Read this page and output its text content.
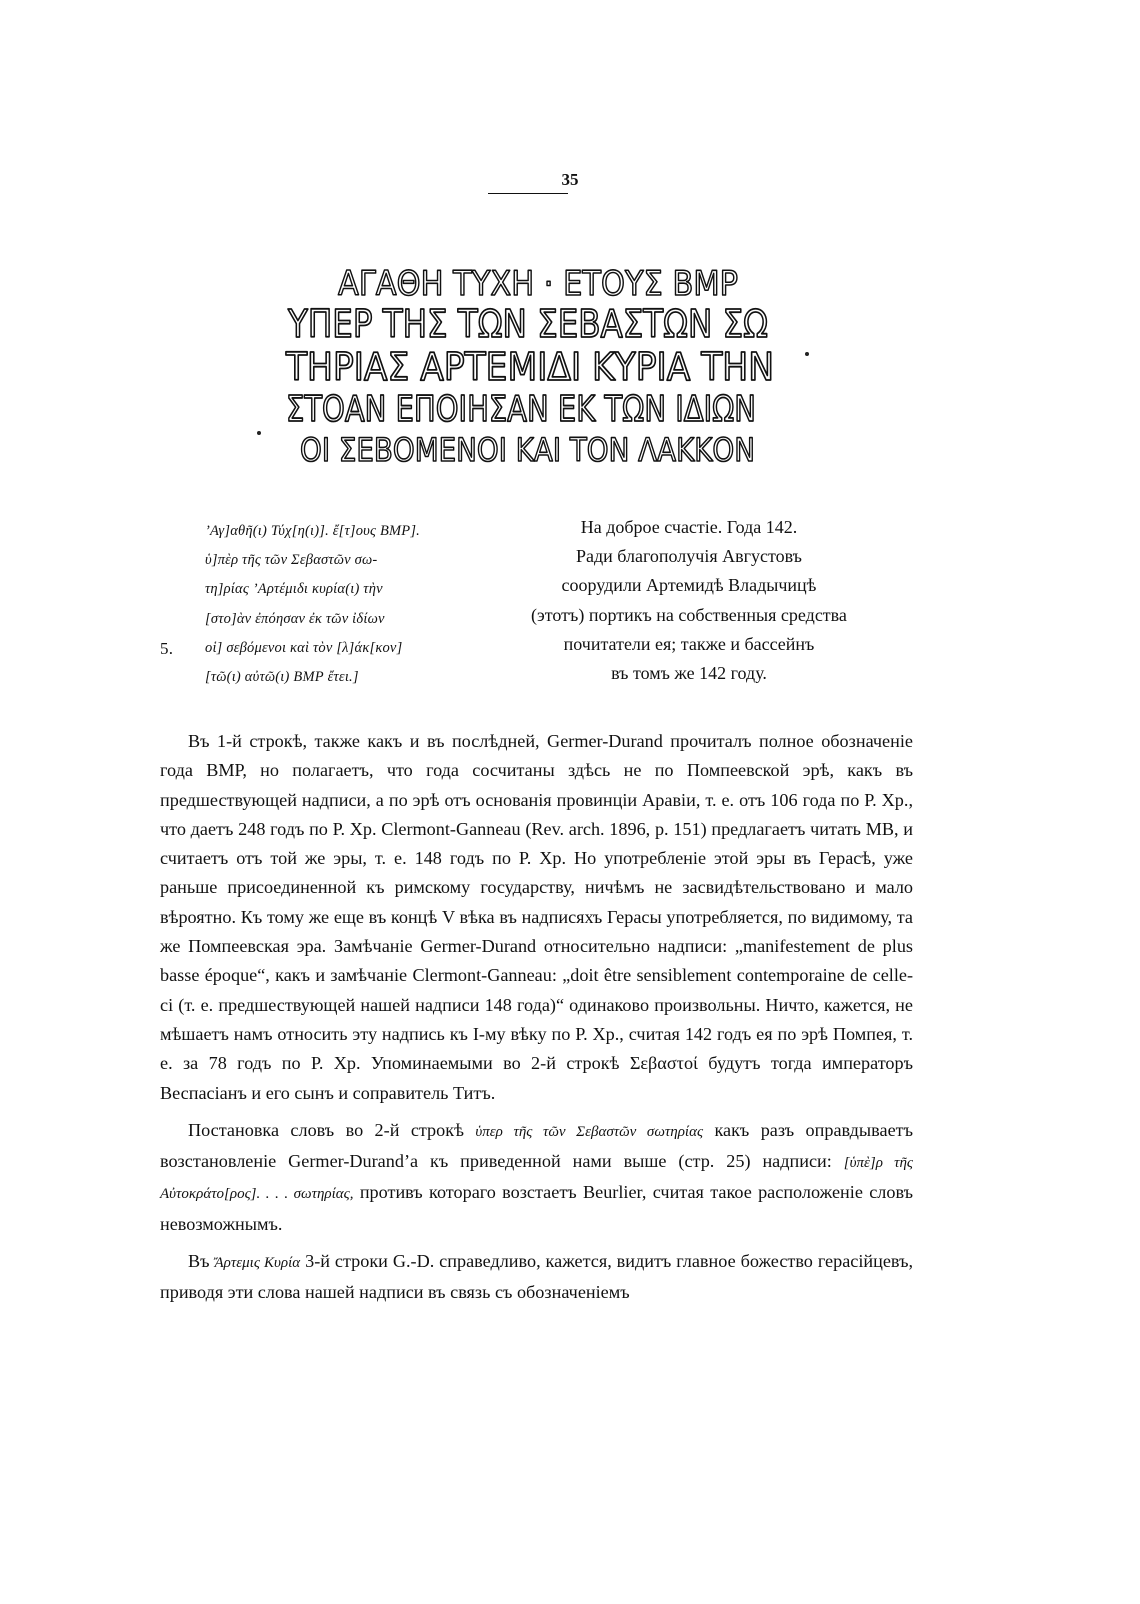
35
ΑΓΑΘΗ ΤΥΧΗ · ΕΤΟΥΣ ΒΜΡ
ΥΠΕΡ ΤΗΣ ΤΩΝ ΣΕΒΑΣΤΩΝ ΣΩ
ΤΗΡΙΑΣ ΑΡΤΕΜΙΔΙ ΚΥΡΙΑ ΤΗΝ
ΣΤΟΑΝ ΕΠΟΙΗΣΑΝ ΕΚ ΤΩΝ ΙΔΙΩΝ
ΟΙ ΣΕΒΟΜΕΝΟΙ ΚΑΙ ΤΟΝ ΛΑΚΚΟΝ
’Αγ]αθῆ(ι) Τύχ[η(ι)]. ἔ[τ]ους ΒΜΡ].
ὑ]πὲρ τῆς τῶν Σεβαστῶν σω-
τη]ρίας ’Αρτέμιδι κυρία(ι) τὴν
[στο]ὰν ἐπόησαν ἐκ τῶν ἰδίων
5. οἱ] σεβόμενοι καὶ τὸν [λ]άκ[κον]
[τῶ(ι) αὐτῶ(ι) ΒΜΡ ἔτει.]
На доброе счастіе. Года 142.
Ради благополучія Августовъ
соорудили Артемидѣ Владычицѣ
(этотъ) портикъ на собственныя средства
почитатели ея; также и бассейнъ
въ томъ же 142 году.

Въ 1-й строкѣ, также какъ и въ послѣдней, Germer-Durand прочиталъ полное обозначеніе года ВМР, но полагаетъ, что года сосчитаны здѣсь не по Помпеевской эрѣ, какъ въ предшествующей надписи, а по эрѣ отъ основанія провинціи Аравіи, т. е. отъ 106 года по Р. Хр., что даетъ 248 годъ по Р. Хр. Clermont-Ganneau (Rev. arch. 1896, p. 151) предлагаетъ читать МВ, и считаетъ отъ той же эры, т. е. 148 годъ по Р. Хр. Но употребленіе этой эры въ Герасѣ, уже раньше присоединенной къ римскому государству, ничѣмъ не засвидѣтельствовано и мало вѣроятно. Къ тому же еще въ концѣ V вѣка въ надписяхъ Герасы употребляется, по видимому, та же Помпеевская эра. Замѣчаніе Germer-Durand относительно надписи: „manifestement de plus basse époque“, какъ и замѣчаніе Clermont-Ganneau: „doit être sensiblement contemporaine de celle-ci (т. е. предшествующей нашей надписи 148 года)“ одинаково произвольны. Ничто, кажется, не мѣшаетъ намъ относить эту надпись къ I-му вѣку по Р. Хр., считая 142 годъ ея по эрѣ Помпея, т. е. за 78 годъ по Р. Хр. Упоминаемыми во 2-й строкѣ Σεβαστοί будутъ тогда императоръ Веспасіанъ и его сынъ и соправитель Титъ.

Постановка словъ во 2-й строкѣ ὑπερ τῆς τῶν Σεβαστῶν σωτηρίας какъ разъ оправдываетъ возстановленіе Germer-Durand’а къ приведенной нами выше (стр. 25) надписи: [ὑπὲ]ρ τῆς Αὐτοκράτο[ρος]. . . . σωτηρίας, противъ котораго возстаетъ Beurlier, считая такое расположеніе словъ невозможнымъ.

Въ Ἄρτεμις Κυρία 3-й строки G.-D. справедливо, кажется, видитъ главное божество герасійцевъ, приводя эти слова нашей надписи въ связь съ обозначеніемъ
